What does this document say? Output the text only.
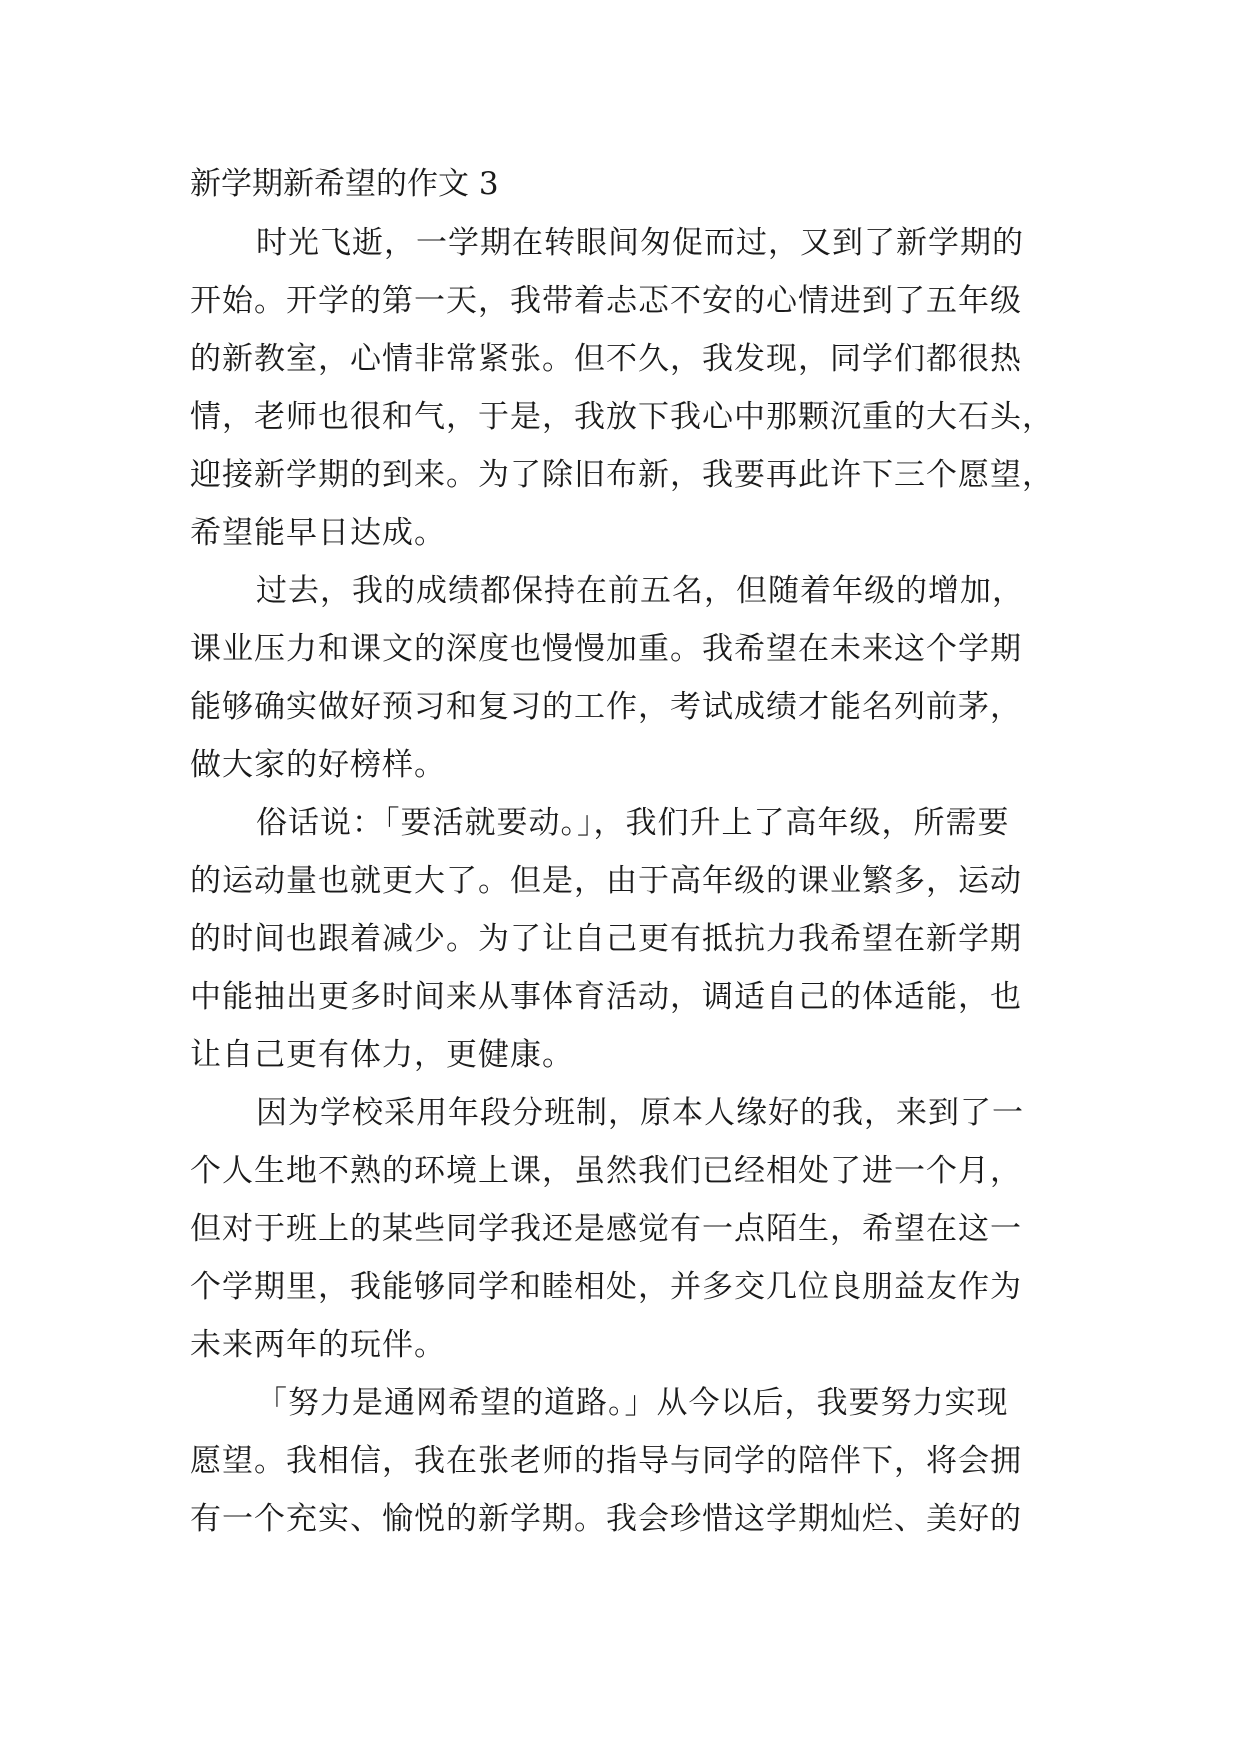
新学期新希望的作文 3

时光飞逝，一学期在转眼间匆促而过，又到了新学期的
开始。开学的第一天，我带着忐忑不安的心情进到了五年级
的新教室，心情非常紧张。但不久，我发现，同学们都很热
情，老师也很和气，于是，我放下我心中那颗沉重的大石头，
迎接新学期的到来。为了除旧布新，我要再此许下三个愿望，
希望能早日达成。

过去，我的成绩都保持在前五名，但随着年级的增加，
课业压力和课文的深度也慢慢加重。我希望在未来这个学期
能够确实做好预习和复习的工作，考试成绩才能名列前茅，
做大家的好榜样。

俗话说：「要活就要动。」，我们升上了高年级，所需要
的运动量也就更大了。但是，由于高年级的课业繁多，运动
的时间也跟着减少。为了让自己更有抵抗力我希望在新学期
中能抽出更多时间来从事体育活动，调适自己的体适能，也
让自己更有体力，更健康。

因为学校采用年段分班制，原本人缘好的我，来到了一
个人生地不熟的环境上课，虽然我们已经相处了进一个月，
但对于班上的某些同学我还是感觉有一点陌生，希望在这一
个学期里，我能够同学和睦相处，并多交几位良朋益友作为
未来两年的玩伴。

「努力是通网希望的道路。」从今以后，我要努力实现
愿望。我相信，我在张老师的指导与同学的陪伴下，将会拥
有一个充实、愉悦的新学期。我会珍惜这学期灿烂、美好的
